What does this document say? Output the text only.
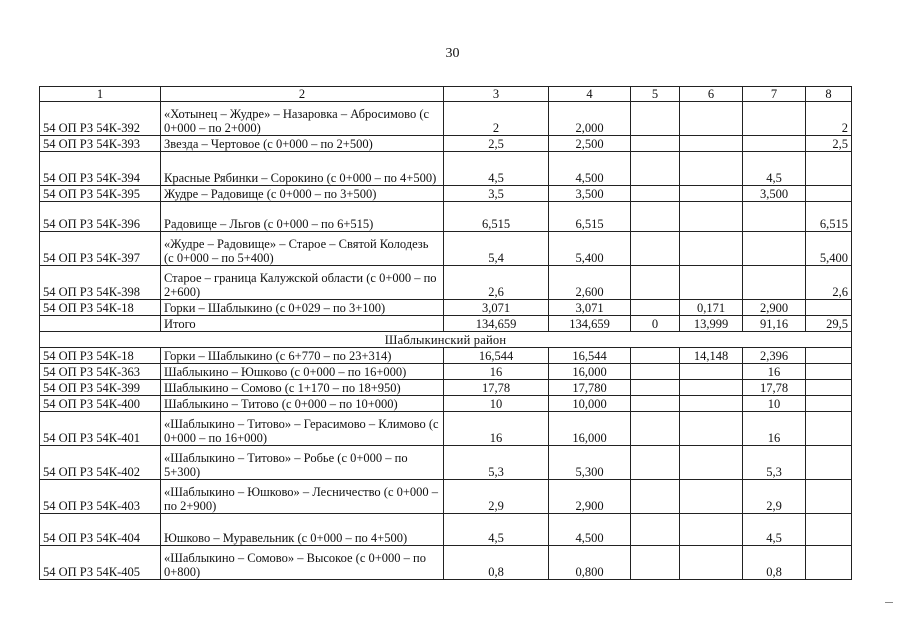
30
1	2	3	4	5	6	7	8
54 ОП РЗ 54К-392	«Хотынец – Жудре» – Назаровка – Абросимово (с 0+000 – по 2+000)	2	2,000				2
54 ОП РЗ 54К-393	Звезда – Чертовое (с 0+000 – по 2+500)	2,5	2,500				2,5
54 ОП РЗ 54К-394	Красные Рябинки – Сорокино (с 0+000 – по 4+500)	4,5	4,500			4,5	
54 ОП РЗ 54К-395	Жудре – Радовище (с 0+000 – по 3+500)	3,5	3,500			3,500	
54 ОП РЗ 54К-396	Радовище – Льгов (с 0+000 – по 6+515)	6,515	6,515				6,515
54 ОП РЗ 54К-397	«Жудре – Радовище» – Старое – Святой Колодезь (с 0+000 – по 5+400)	5,4	5,400				5,400
54 ОП РЗ 54К-398	Старое – граница Калужской области (с 0+000 – по 2+600)	2,6	2,600				2,6
54 ОП РЗ 54К-18	Горки – Шаблыкино (с 0+029 – по 3+100)	3,071	3,071		0,171	2,900	
	Итого	134,659	134,659	0	13,999	91,16	29,5
Шаблыкинский район							
54 ОП РЗ 54К-18	Горки – Шаблыкино (с 6+770 – по 23+314)	16,544	16,544		14,148	2,396	
54 ОП РЗ 54К-363	Шаблыкино – Юшково (с 0+000 – по 16+000)	16	16,000			16	
54 ОП РЗ 54К-399	Шаблыкино – Сомово (с 1+170 – по 18+950)	17,78	17,780			17,78	
54 ОП РЗ 54К-400	Шаблыкино – Титово (с 0+000 – по 10+000)	10	10,000			10	
54 ОП РЗ 54К-401	«Шаблыкино – Титово» – Герасимово – Климово (с 0+000 – по 16+000)	16	16,000			16	
54 ОП РЗ 54К-402	«Шаблыкино – Титово» – Робье (с 0+000 – по 5+300)	5,3	5,300			5,3	
54 ОП РЗ 54К-403	«Шаблыкино – Юшково» – Лесничество (с 0+000 – по 2+900)	2,9	2,900			2,9	
54 ОП РЗ 54К-404	Юшково – Муравельник (с 0+000 – по 4+500)	4,5	4,500			4,5	
54 ОП РЗ 54К-405	«Шаблыкино – Сомово» – Высокое (с 0+000 – по 0+800)	0,8	0,800			0,8	
